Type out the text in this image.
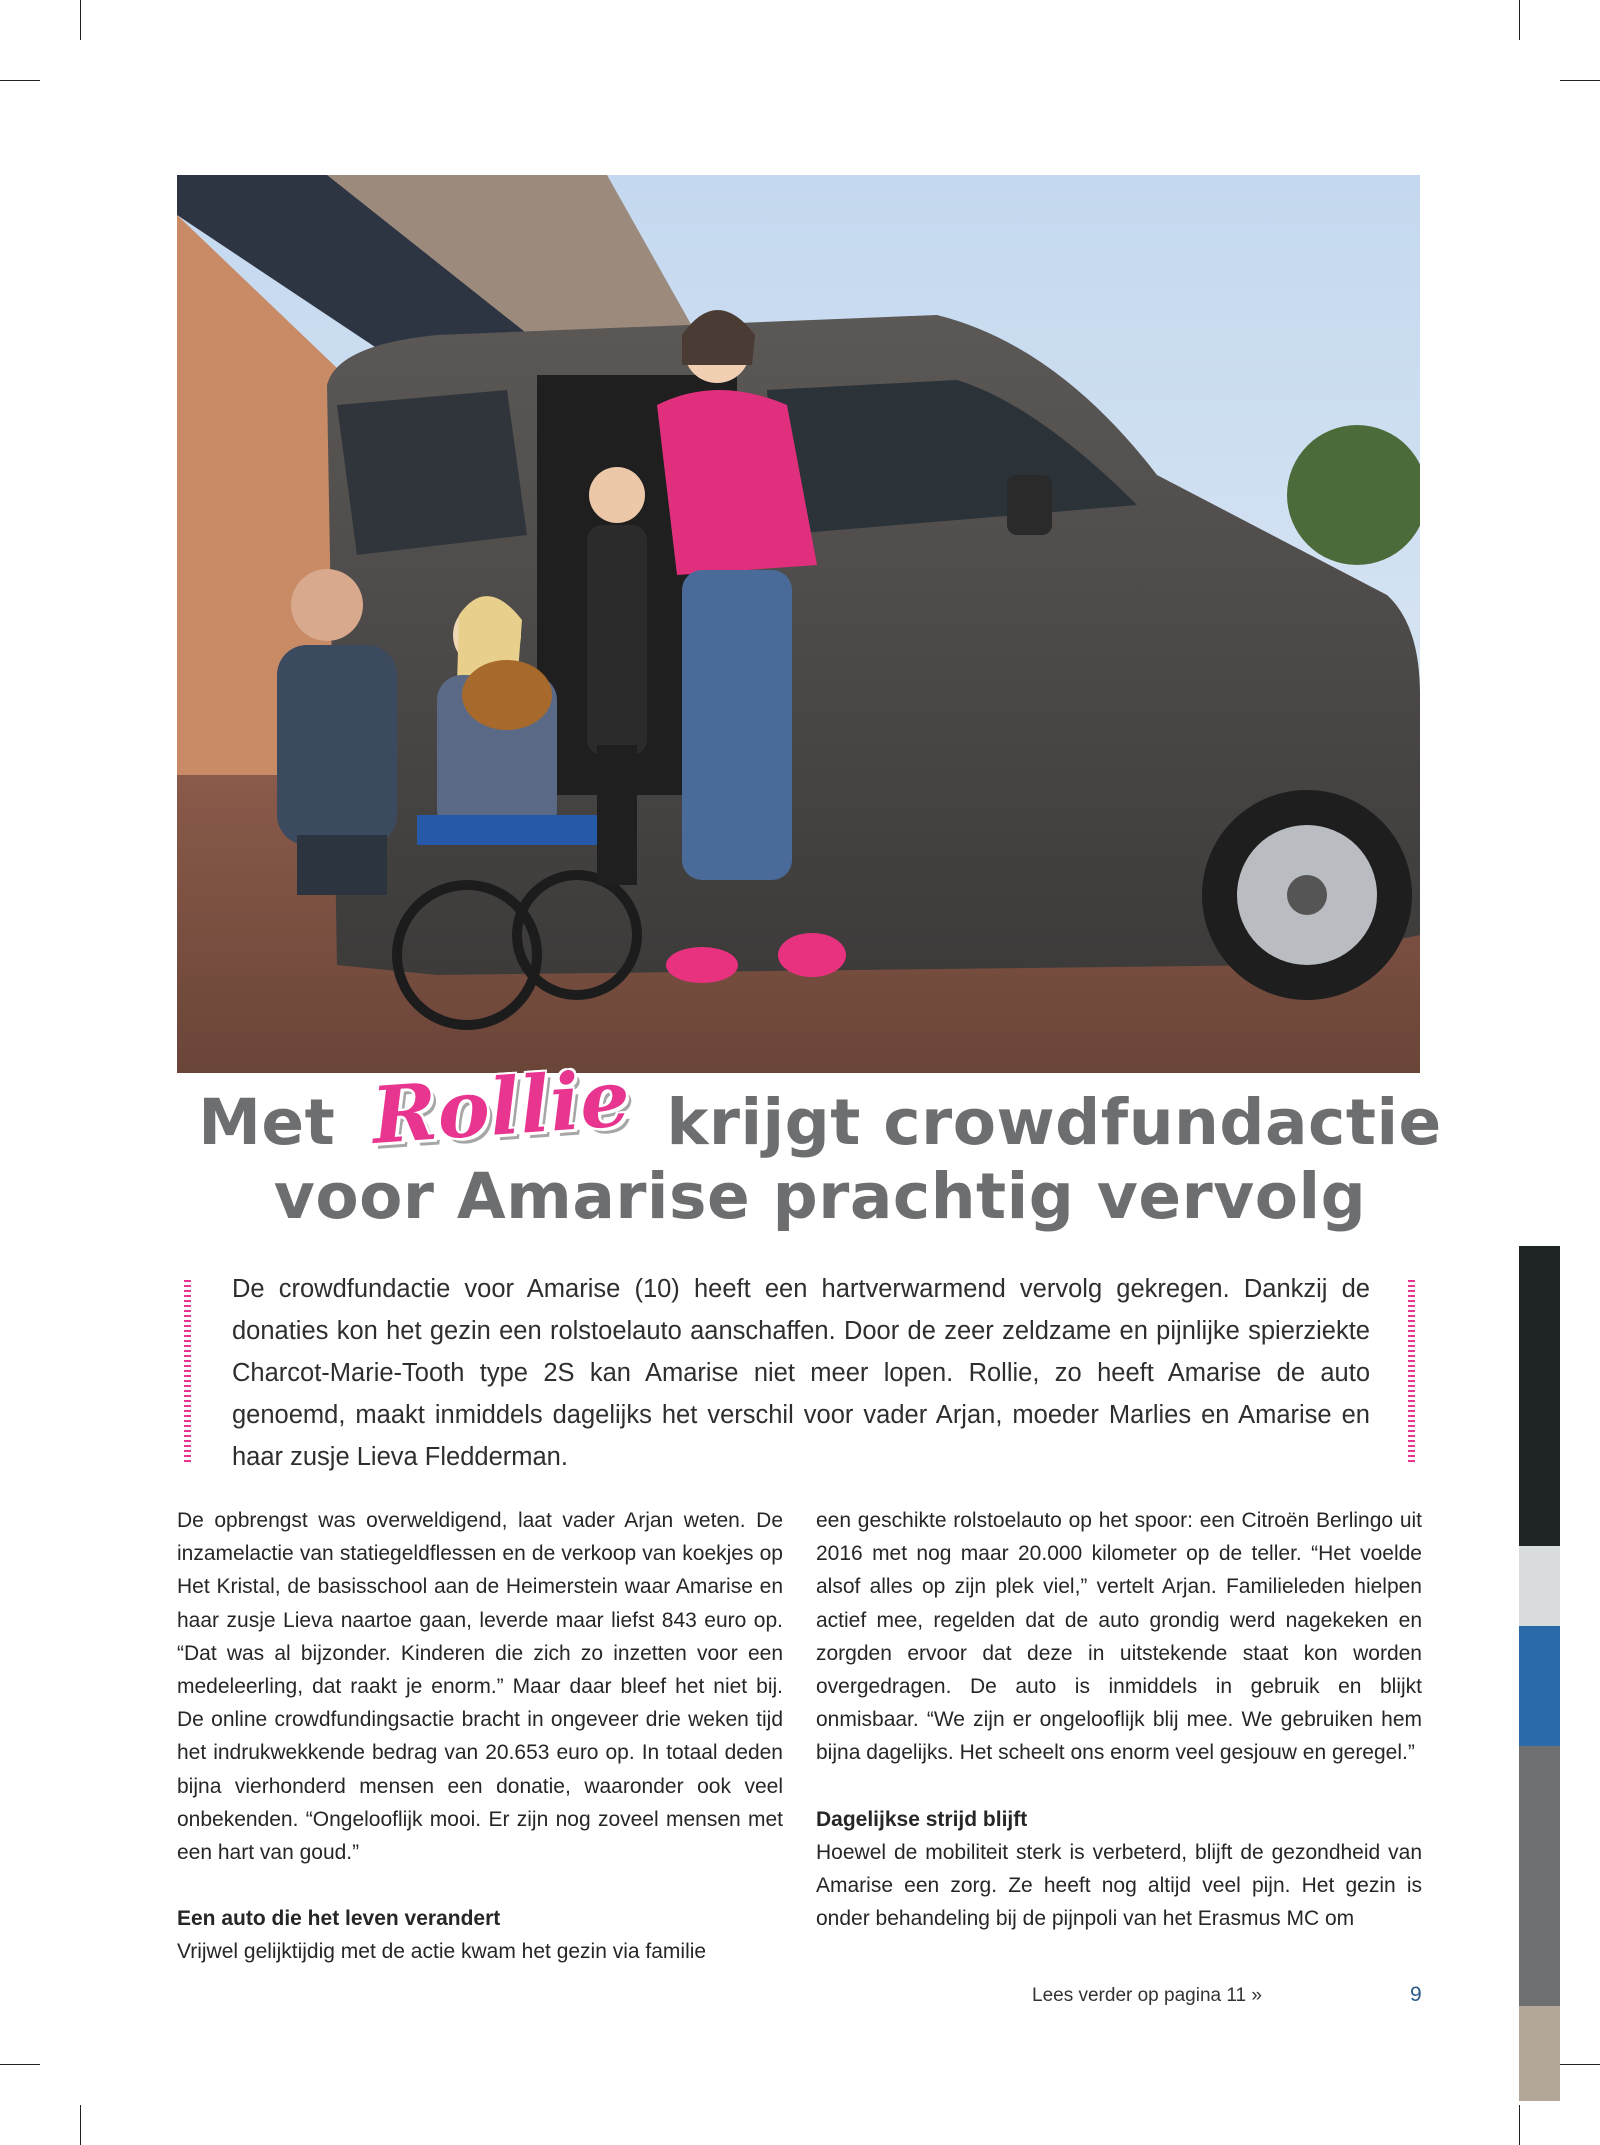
Met Rollie krijgt crowdfundactie
voor Amarise prachtig vervolg
De crowdfundactie voor Amarise (10) heeft een hartverwarmend vervolg gekregen. Dankzij de donaties kon het gezin een rolstoelauto aanschaffen. Door de zeer zeldzame en pijnlijke spierziekte Charcot-Marie-Tooth type 2S kan Amarise niet meer lopen. Rollie, zo heeft Amarise de auto genoemd, maakt inmiddels dagelijks het verschil voor vader Arjan, moeder Marlies en Amarise en haar zusje Lieva Fledderman.

De opbrengst was overweldigend, laat vader Arjan weten. De inzamelactie van statiegeldflessen en de verkoop van koekjes op Het Kristal, de basisschool aan de Heimerstein waar Amarise en haar zusje Lieva naartoe gaan, leverde maar liefst 843 euro op. “Dat was al bijzonder. Kinderen die zich zo inzetten voor een medeleerling, dat raakt je enorm.” Maar daar bleef het niet bij. De online crowdfundingsactie bracht in ongeveer drie weken tijd het indrukwekkende bedrag van 20.653 euro op. In totaal deden bijna vierhonderd mensen een donatie, waaronder ook veel onbekenden. “Ongelooflijk mooi. Er zijn nog zoveel mensen met een hart van goud.”

Een auto die het leven verandert

Vrijwel gelijktijdig met de actie kwam het gezin via familie

een geschikte rolstoelauto op het spoor: een Citroën Berlingo uit 2016 met nog maar 20.000 kilometer op de teller. “Het voelde alsof alles op zijn plek viel,” vertelt Arjan. Familieleden hielpen actief mee, regelden dat de auto grondig werd nagekeken en zorgden ervoor dat deze in uitstekende staat kon worden overgedragen. De auto is inmiddels in gebruik en blijkt onmisbaar. “We zijn er ongelooflijk blij mee. We gebruiken hem bijna dagelijks. Het scheelt ons enorm veel gesjouw en geregel.”

Dagelijkse strijd blijft

Hoewel de mobiliteit sterk is verbeterd, blijft de gezondheid van Amarise een zorg. Ze heeft nog altijd veel pijn. Het gezin is onder behandeling bij de pijnpoli van het Erasmus MC om

Lees verder op pagina 11 »	9
